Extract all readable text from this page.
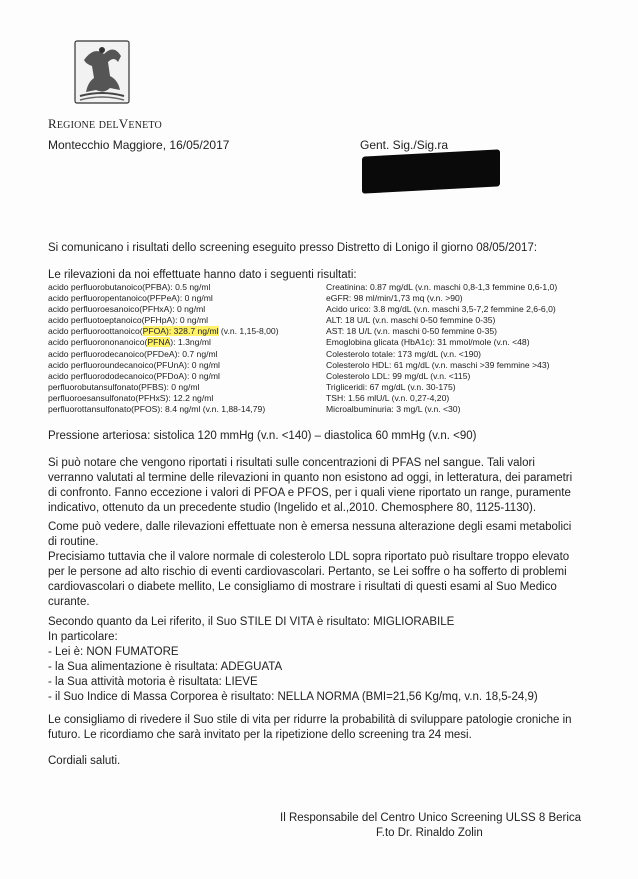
REGIONE DELVENETO
Montecchio Maggiore, 16/05/2017	Gent. Sig./Sig.ra
Si comunicano i risultati dello screening eseguito presso Distretto di Lonigo il giorno 08/05/2017:
Le rilevazioni da noi effettuate hanno dato i seguenti risultati:
acido perfluorobutanoico(PFBA): 0.5 ng/ml
acido perfluoropentanoico(PFPeA): 0 ng/ml
acido perfluoroesanoico(PFHxA): 0 ng/ml
acido perfluotoeptanoico(PFHpA): 0 ng/ml
acido perfluoroottanoico(PFOA): 328.7 ng/ml (v.n. 1,15-8,00)
acido perfluorononanoico(PFNA): 1.3ng/ml
acido perfluorodecanoico(PFDeA): 0.7 ng/ml
acido perfluoroundecanoico(PFUnA): 0 ng/ml
acido perfluorododecanoico(PFDoA): 0 ng/ml
perfluorobutansulfonato(PFBS): 0 ng/ml
perfluoroesansulfonato(PFHxS): 12.2 ng/ml
perfluorottansulfonato(PFOS): 8.4 ng/ml (v.n. 1,88-14,79)
Creatinina: 0.87 mg/dL (v.n. maschi 0,8-1,3 femmine 0,6-1,0)
eGFR: 98 ml/min/1,73 mq (v.n. >90)
Acido urico: 3.8 mg/dL (v.n. maschi 3,5-7,2 femmine 2,6-6,0)
ALT: 18 U/L (v.n. maschi 0-50 femmine 0-35)
AST: 18 U/L (v.n. maschi 0-50 femmine 0-35)
Emoglobina glicata (HbA1c): 31 mmol/mole (v.n. <48)
Colesterolo totale: 173 mg/dL (v.n. <190)
Colesterolo HDL: 61 mg/dL (v.n. maschi >39 femmine >43)
Colesterolo LDL: 99 mg/dL (v.n. <115)
Trigliceridi: 67 mg/dL (v.n. 30-175)
TSH: 1.56 mlU/L (v.n. 0,27-4,20)
Microalbuminuria: 3 mg/L (v.n. <30)
Pressione arteriosa: sistolica 120 mmHg (v.n. <140) – diastolica 60 mmHg (v.n. <90)
Si può notare che vengono riportati i risultati sulle concentrazioni di PFAS nel sangue. Tali valori
verranno valutati al termine delle rilevazioni in quanto non esistono ad oggi, in letteratura, dei parametri
di confronto. Fanno eccezione i valori di PFOA e PFOS, per i quali viene riportato un range, puramente
indicativo, ottenuto da un precedente studio (Ingelido et al.,2010. Chemosphere 80, 1125-1130).
Come può vedere, dalle rilevazioni effettuate non è emersa nessuna alterazione degli esami metabolici
di routine.
Precisiamo tuttavia che il valore normale di colesterolo LDL sopra riportato può risultare troppo elevato
per le persone ad alto rischio di eventi cardiovascolari. Pertanto, se Lei soffre o ha sofferto di problemi
cardiovascolari o diabete mellito, Le consigliamo di mostrare i risultati di questi esami al Suo Medico
curante.
Secondo quanto da Lei riferito, il Suo STILE DI VITA è risultato: MIGLIORABILE
In particolare:
- Lei è: NON FUMATORE
- la Sua alimentazione è risultata: ADEGUATA
- la Sua attività motoria è risultata: LIEVE
- il Suo Indice di Massa Corporea è risultato: NELLA NORMA (BMI=21,56 Kg/mq, v.n. 18,5-24,9)
Le consigliamo di rivedere il Suo stile di vita per ridurre la probabilità di sviluppare patologie croniche in
futuro. Le ricordiamo che sarà invitato per la ripetizione dello screening tra 24 mesi.
Cordiali saluti.
Il Responsabile del Centro Unico Screening ULSS 8 Berica
F.to Dr. Rinaldo Zolin
